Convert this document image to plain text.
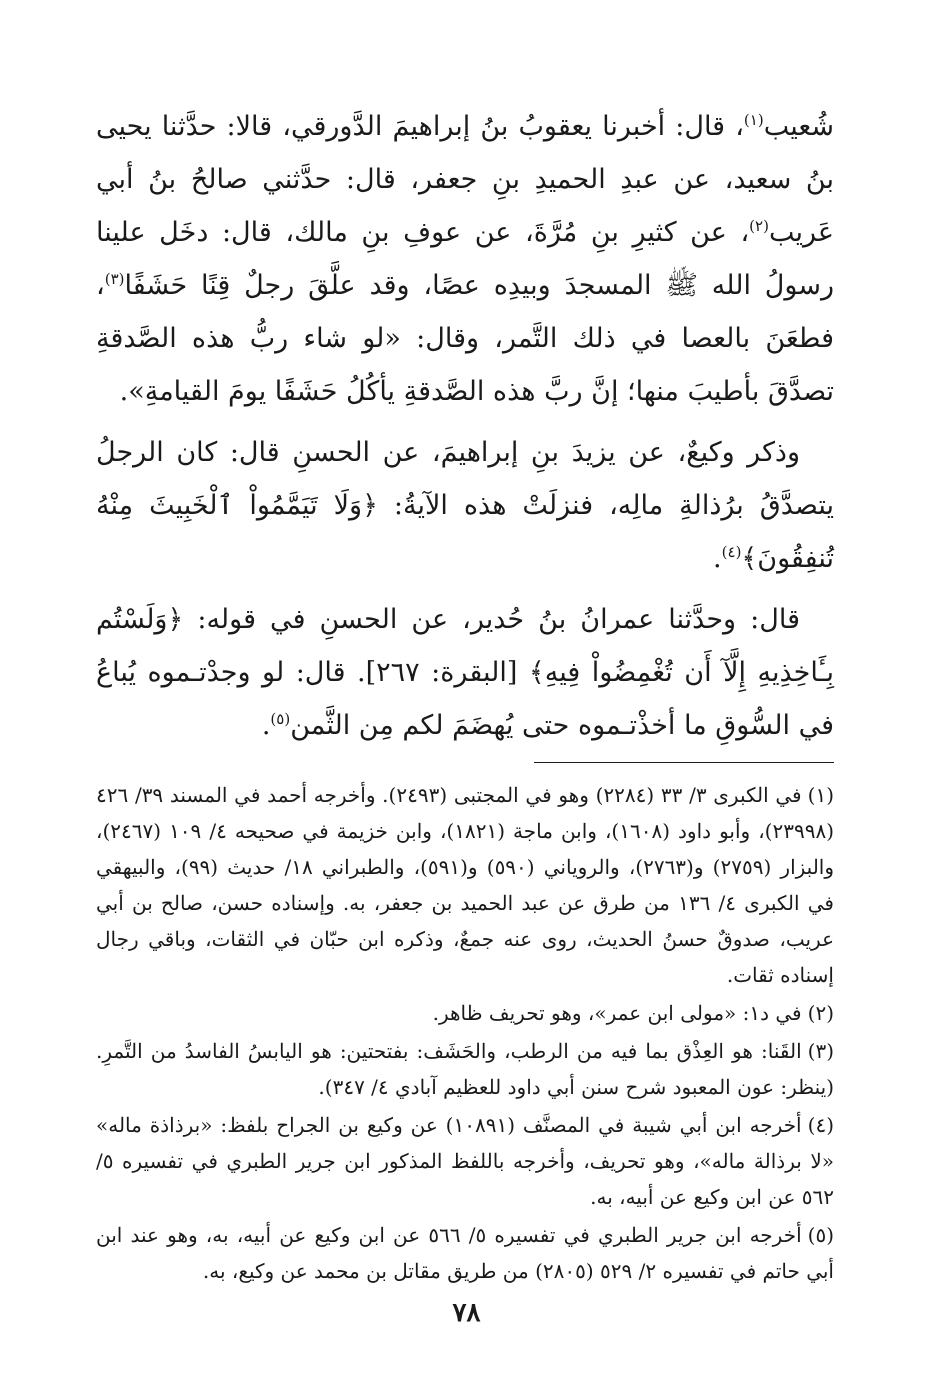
شُعيب$^{(١)}$، قال: أخبرنا يعقوبُ بنُ إبراهيمَ الدَّورقي، قالا: حدَّثنا يحيى بنُ سعيد، عن عبدِ الحميدِ بنِ جعفر، قال: حدَّثني صالحُ بنُ أبي عَريب$^{(٢)}$، عن كثيرِ بنِ مُرَّةَ، عن عوفِ بنِ مالك، قال: دخَل علينا رسولُ الله ﷺ المسجدَ وبيدِه عصًا، وقد علَّقَ رجلٌ قِنًا حَشَفًا$^{(٣)}$، فطعَنَ بالعصا في ذلك التَّمر، وقال: «لو شاء ربُّ هذه الصَّدقةِ تصدَّقَ بأطيبَ منها؛ إنَّ ربَّ هذه الصَّدقةِ يأكُلُ حَشَفًا يومَ القيامةِ».

وذكر وكيعٌ، عن يزيدَ بنِ إبراهيمَ، عن الحسنِ قال: كان الرجلُ يتصدَّقُ برُذالةِ مالِه، فنزلَتْ هذه الآيةُ: ﴿وَلَا تَيَمَّمُواْ ٱلْخَبِيثَ مِنْهُ تُنفِقُونَ﴾$^{(٤)}$.

قال: وحدَّثنا عمرانُ بنُ حُدير، عن الحسنِ في قوله: ﴿وَلَسْتُم بِـَٔاخِذِيهِ إِلَّآ أَن تُغْمِضُواْ فِيهِ﴾ [البقرة: ٢٦٧]. قال: لو وجدْتـموه يُباعُ في السُّوقِ ما أخذْتـموه حتى يُهضَمَ لكم مِن الثَّمن$^{(٥)}$.

(١)في الكبرى ٣/ ٣٣ (٢٢٨٤) وهو في المجتبى (٢٤٩٣). وأخرجه أحمد في المسند ٣٩/ ٤٢٦ (٢٣٩٩٨)، وأبو داود (١٦٠٨)، وابن ماجة (١٨٢١)، وابن خزيمة في صحيحه ٤/ ١٠٩ (٢٤٦٧)، والبزار (٢٧٥٩) و(٢٧٦٣)، والروياني (٥٩٠) و(٥٩١)، والطبراني ١٨/ حديث (٩٩)، والبيهقي في الكبرى ٤/ ١٣٦ من طرق عن عبد الحميد بن جعفر، به. وإسناده حسن، صالح بن أبي عريب، صدوقٌ حسنُ الحديث، روى عنه جمعٌ، وذكره ابن حبّان في الثقات، وباقي رجال إسناده ثقات.

(٢)في د١: «مولى ابن عمر»، وهو تحريف ظاهر.

(٣)القَنا: هو العِذْق بما فيه من الرطب، والحَشَف: بفتحتين: هو اليابسُ الفاسدُ من التَّمرِ. (ينظر: عون المعبود شرح سنن أبي داود للعظيم آبادي ٤/ ٣٤٧).

(٤)أخرجه ابن أبي شيبة في المصنَّف (١٠٨٩١) عن وكيع بن الجراح بلفظ: «برذاذة ماله» «لا برذالة ماله»، وهو تحريف، وأخرجه باللفظ المذكور ابن جرير الطبري في تفسيره ٥/ ٥٦٢ عن ابن وكيع عن أبيه، به.

(٥)أخرجه ابن جرير الطبري في تفسيره ٥/ ٥٦٦ عن ابن وكيع عن أبيه، به، وهو عند ابن أبي حاتم في تفسيره ٢/ ٥٢٩ (٢٨٠٥) من طريق مقاتل بن محمد عن وكيع، به.

٧٨
